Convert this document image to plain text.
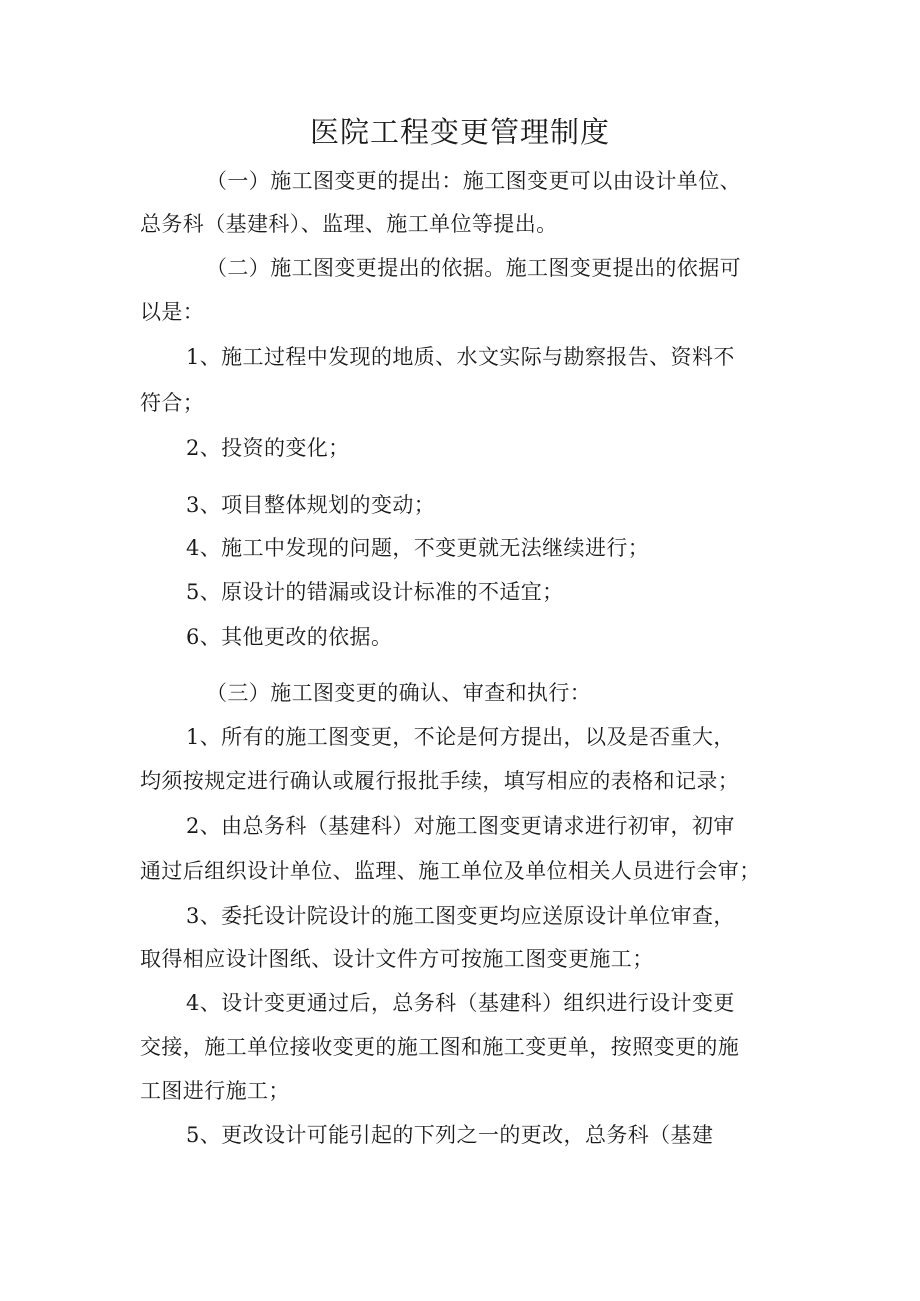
医院工程变更管理制度
（一）施工图变更的提出：施工图变更可以由设计单位、
总务科（基建科）、监理、施工单位等提出。
（二）施工图变更提出的依据。施工图变更提出的依据可
以是：
1、施工过程中发现的地质、水文实际与勘察报告、资料不
符合；
2、投资的变化；
3、项目整体规划的变动；
4、施工中发现的问题，不变更就无法继续进行；
5、原设计的错漏或设计标准的不适宜；
6、其他更改的依据。
（三）施工图变更的确认、审查和执行：
1、所有的施工图变更，不论是何方提出，以及是否重大，
均须按规定进行确认或履行报批手续，填写相应的表格和记录；
2、由总务科（基建科）对施工图变更请求进行初审，初审
通过后组织设计单位、监理、施工单位及单位相关人员进行会审；
3、委托设计院设计的施工图变更均应送原设计单位审查，
取得相应设计图纸、设计文件方可按施工图变更施工；
4、设计变更通过后，总务科（基建科）组织进行设计变更
交接，施工单位接收变更的施工图和施工变更单，按照变更的施
工图进行施工；
5、更改设计可能引起的下列之一的更改，总务科（基建
